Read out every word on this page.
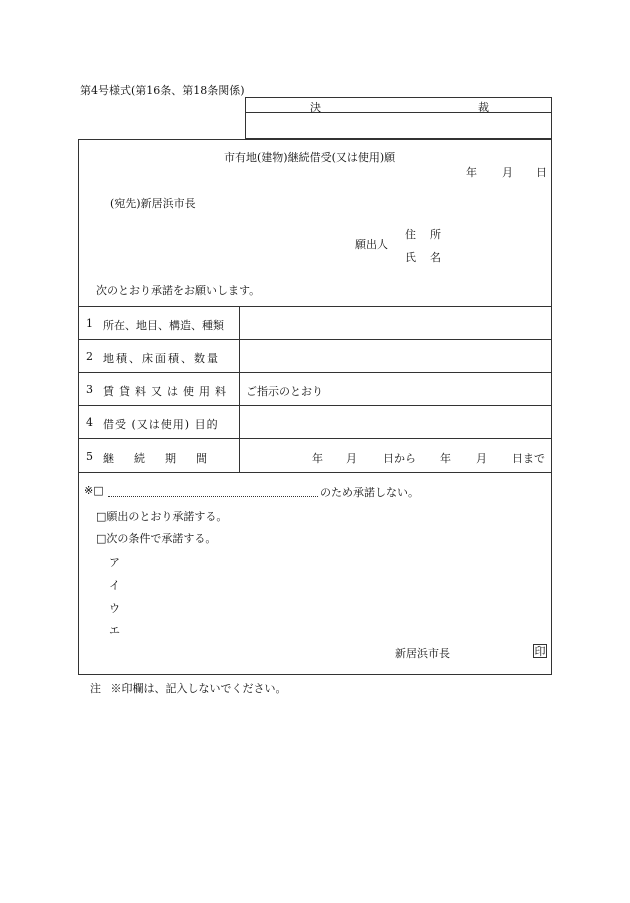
第4号様式(第16条、第18条関係)
決	裁
市有地(建物)継続借受(又は使用)願
年 月 日
(宛先)新居浜市長
願出人
住 所
氏 名
次のとおり承諾をお願いします。
1 所在、地目、構造、種類
2 地積、床面積、数量
3 賃貸料又は使用料 ご指示のとおり
4 借受 (又は使用) 目的
5 継続期間	年 月 日から 年 月 日まで
※□	のため承諾しない。
□願出のとおり承諾する。
□次の条件で承諾する。
ア
イ
ウ
エ
新居浜市長	印
注 ※印欄は、記入しないでください。
